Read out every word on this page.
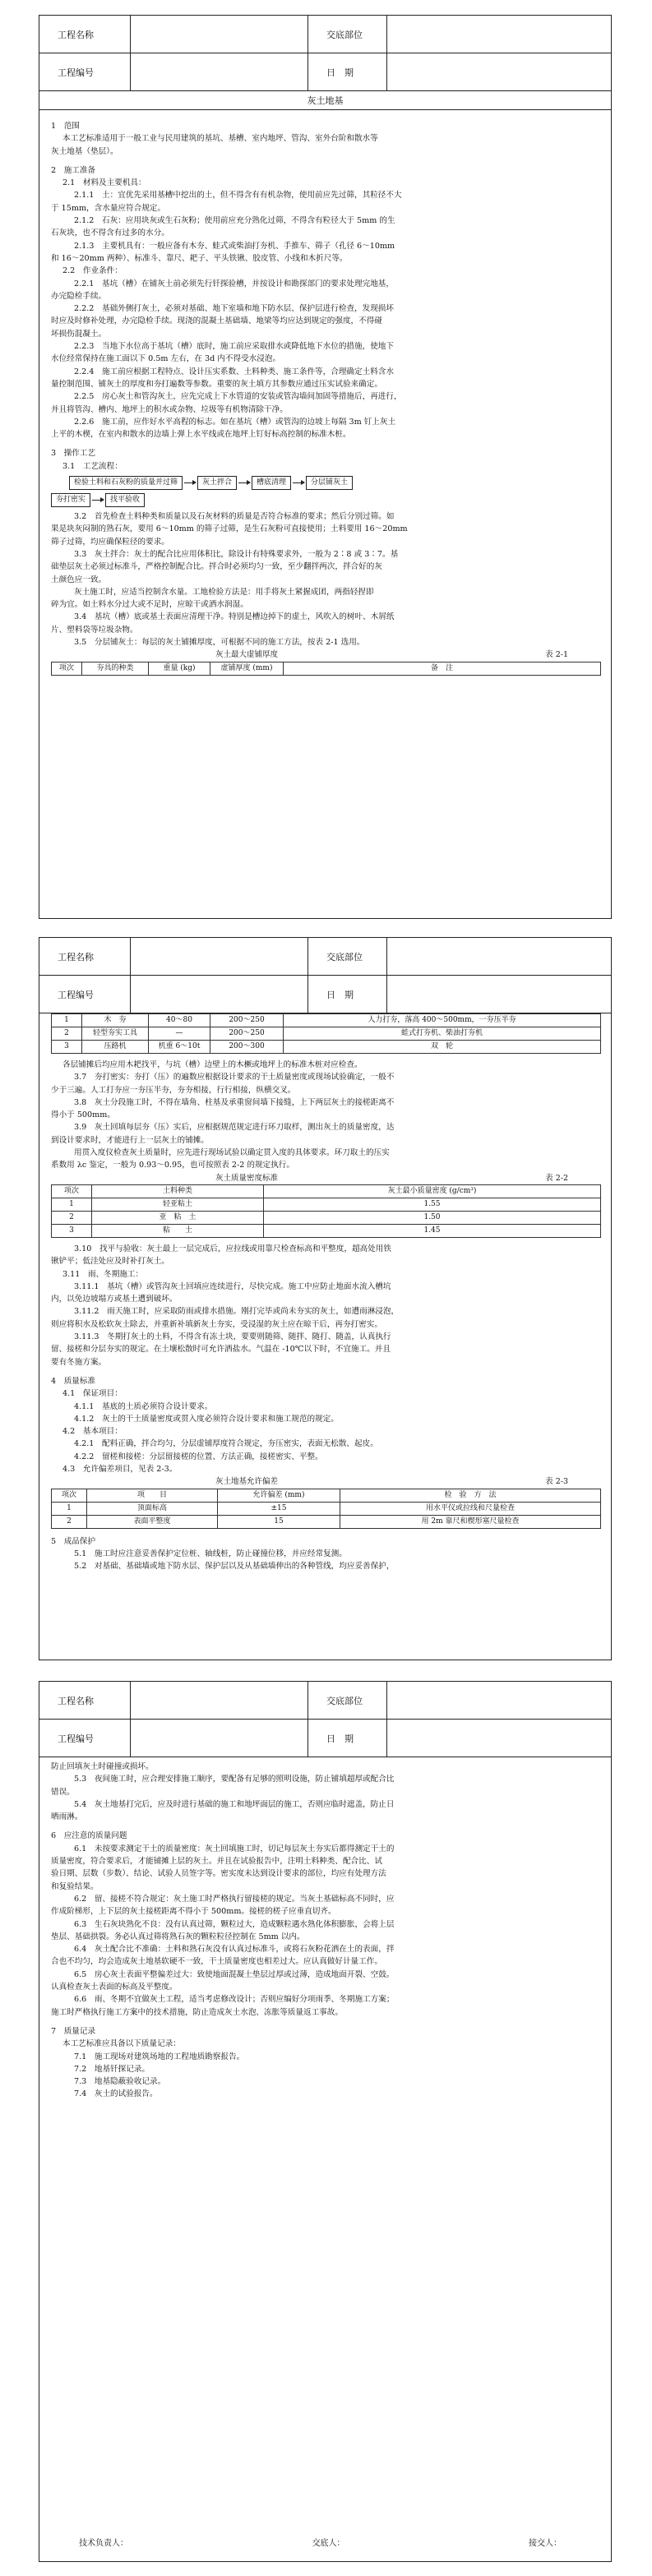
工程名称	交底部位
工程编号	日　期
灰土地基

1　范围

本工艺标准适用于一般工业与民用建筑的基坑、基槽、室内地坪、管沟、室外台阶和散水等

灰土地基（垫层）。

2　施工准备

2.1　材料及主要机具：

2.1.1　土：宜优先采用基槽中挖出的土，但不得含有有机杂物，使用前应先过筛，其粒径不大

于 15mm，含水量应符合规定。

2.1.2　石灰：应用块灰或生石灰粉；使用前应充分熟化过筛，不得含有粒径大于 5mm 的生

石灰块，也不得含有过多的水分。

2.1.3　主要机具有：一般应备有木夯、蛙式或柴油打夯机、手推车、筛子（孔径 6～10mm

和 16～20mm 两种）、标准斗、靠尺、耙子、平头铁锹、胶皮管、小线和木折尺等。

2.2　作业条件：

2.2.1　基坑（槽）在铺灰土前必须先行钎探验槽，并按设计和勘探部门的要求处理完地基，

办完隐检手续。

2.2.2　基础外侧打灰土，必须对基础、地下室墙和地下防水层、保护层进行检查，发现损坏

时应及时修补处理，办完隐检手续。现浇的混凝土基础墙、地梁等均应达到规定的强度，不得碰

坏损伤混凝土。

2.2.3　当地下水位高于基坑（槽）底时，施工前应采取排水或降低地下水位的措施，使地下

水位经常保持在施工面以下 0.5m 左右，在 3d 内不得受水浸泡。

2.2.4　施工前应根据工程特点、设计压实系数、土料种类、施工条件等，合理确定土料含水

量控制范围、铺灰土的厚度和夯打遍数等参数。重要的灰土填方其参数应通过压实试验来确定。

2.2.5　房心灰土和管沟灰土，应先完成上下水管道的安装或管沟墙间加固等措施后，再进行，

并且将管沟、槽内、地坪上的积水或杂物、垃圾等有机物清除干净。

2.2.6　施工前，应作好水平高程的标志。如在基坑（槽）或管沟的边坡上每隔 3m 钉上灰土

上平的木楔，在室内和散水的边墙上弹上水平线或在地坪上钉好标高控制的标准木桩。

3　操作工艺

3.1　工艺流程：

检验土料和石灰粉的质量并过筛	灰土拌合	槽底清理	分层铺灰土
夯打密实	找平验收

3.2　首先检查土料种类和质量以及石灰材料的质量是否符合标准的要求；然后分别过筛。如

果是块灰闷制的熟石灰，要用 6～10mm 的筛子过筛，是生石灰粉可直接使用；土料要用 16～20mm

筛子过筛，均应确保粒径的要求。

3.3　灰土拌合：灰土的配合比应用体积比，除设计有特殊要求外，一般为 2∶8 或 3∶7。基

础垫层灰土必须过标准斗，严格控制配合比。拌合时必须均匀一致，至少翻拌两次，拌合好的灰

土颜色应一致。

灰土施工时，应适当控制含水量。工地检验方法是：用手将灰土紧握成团，两指轻捏即

碎为宜。如土料水分过大或不足时，应晾干或洒水润湿。

3.4　基坑（槽）底或基土表面应清理干净。特别是槽边掉下的虚土，风吹入的树叶、木屑纸

片、塑料袋等垃圾杂物。

3.5　分层铺灰土：每层的灰土铺摊厚度，可根据不同的施工方法，按表 2-1 选用。

灰土最大虚铺厚度	表 2-1
项次	夯具的种类	重量 (kg)	虚铺厚度 (mm)	备　注
工程名称	交底部位
工程编号	日　期
1	木　夯	40～80	200～250	人力打夯，落高 400～500mm，一夯压半夯
2	轻型夯实工具	—	200～250	蛙式打夯机、柴油打夯机
3	压路机	机重 6～10t	200～300	双　轮

各层铺摊后均应用木耙找平，与坑（槽）边壁上的木橛或地坪上的标准木桩对应检查。

3.7　夯打密实：夯打（压）的遍数应根据设计要求的干土质量密度或现场试验确定，一般不

少于三遍。人工打夯应一夯压半夯，夯夯相接，行行相接，纵横交叉。

3.8　灰土分段施工时，不得在墙角、柱基及承重窗间墙下接缝，上下两层灰土的接槎距离不

得小于 500mm。

3.9　灰土回填每层夯（压）实后，应根据规范规定进行环刀取样，测出灰土的质量密度，达

到设计要求时，才能进行上一层灰土的铺摊。

用贯入度仪检查灰土质量时，应先进行现场试验以确定贯入度的具体要求。环刀取土的压实

系数用 λc 鉴定，一般为 0.93～0.95，也可按照表 2-2 的规定执行。

灰土质量密度标准	表 2-2
项次	土料种类	灰土最小质量密度 (g/cm³)
1	轻亚粘土	1.55
2	亚　粘　土	1.50
3	粘　　土	1.45

3.10　找平与验收：灰土最上一层完成后，应拉线或用靠尺检查标高和平整度，超高处用铁

锹铲平；低洼处应及时补打灰土。

3.11　雨、冬期施工：

3.11.1　基坑（槽）或管沟灰土回填应连续进行，尽快完成。施工中应防止地面水流入槽坑

内，以免边坡塌方或基土遭到破坏。

3.11.2　雨天施工时，应采取防雨或排水措施。刚打完毕或尚未夯实的灰土，如遭雨淋浸泡，

则应将积水及松软灰土除去，并重新补填新灰土夯实，受浸湿的灰土应在晾干后，再夯打密实。

3.11.3　冬期打灰土的土料，不得含有冻土块，要要则随筛、随拌、随打、随盖，认真执行

留、接槎和分层夯实的规定。在土壤松散时可允许洒盐水。气温在 -10℃以下时，不宜施工。并且

要有冬施方案。

4　质量标准

4.1　保证项目：

4.1.1　基底的土质必须符合设计要求。

4.1.2　灰土的干土质量密度或贯入度必须符合设计要求和施工规范的规定。

4.2　基本项目：

4.2.1　配料正确，拌合均匀，分层虚铺厚度符合规定，夯压密实，表面无松散、起皮。

4.2.2　留槎和接槎：分层留接槎的位置、方法正确，接槎密实、平整。

4.3　允许偏差项目，见表 2-3。

灰土地基允许偏差	表 2-3
项次	项　　目	允许偏差 (mm)	检　验　方　法
1	顶面标高	±15	用水平仪或拉线和尺量检查
2	表面平整度	15	用 2m 靠尺和楔形塞尺量检查

5　成品保护

5.1　施工时应注意妥善保护定位桩、轴线桩，防止碰撞位移，并应经常复测。

5.2　对基础、基础墙或地下防水层、保护层以及从基础墙伸出的各种管线，均应妥善保护，

工程名称	交底部位
工程编号	日　期

防止回填灰土时碰撞或损坏。

5.3　夜间施工时，应合理安排施工顺序，要配备有足够的照明设施，防止铺填超厚或配合比

错误。

5.4　灰土地基打完后，应及时进行基础的施工和地坪面层的施工，否则应临时遮盖，防止日

晒雨淋。

6　应注意的质量问题

6.1　未按要求测定干土的质量密度：灰土回填施工时，切记每层灰土夯实后都得测定干土的

质量密度，符合要求后，才能铺摊上层的灰土。并且在试验报告中，注明土料种类、配合比、试

验日期、层数（步数）、结论、试验人员签字等。密实度未达到设计要求的部位，均应有处理方法

和复验结果。

6.2　留、接槎不符合规定：灰土施工时严格执行留接槎的规定。当灰土基础标高不同时，应

作成阶梯形，上下层的灰土接槎距离不得小于 500mm。接槎的槎子应垂直切齐。

6.3　生石灰块熟化不良：没有认真过筛，颗粒过大，造成颗粒遇水熟化体积膨胀，会将上层

垫层、基础拱裂。务必认真过筛将熟石灰的颗粒粒径控制在 5mm 以内。

6.4　灰土配合比不准确：土料和熟石灰没有认真过标准斗，或将石灰粉花洒在土的表面，拌

合也不均匀，均会造成灰土地基软硬不一致，干土质量密度也相差过大。应认真做好计量工作。

6.5　房心灰土表面平整偏差过大：致使地面混凝土垫层过厚或过薄，造成地面开裂、空鼓。

认真检查灰土表面的标高及平整度。

6.6　雨、冬期不宜做灰土工程，适当考虑修改设计；否则应编好分项雨季、冬期施工方案；

施工时严格执行施工方案中的技术措施，防止造成灰土水泡、冻胀等质量返工事故。

7　质量记录

本工艺标准应具备以下质量记录：

7.1　施工现场对建筑场地的工程地质勘察报告。

7.2　地基钎探记录。

7.3　地基隐蔽验收记录。

7.4　灰土的试验报告。

技术负责人：	交底人：	接交人：
